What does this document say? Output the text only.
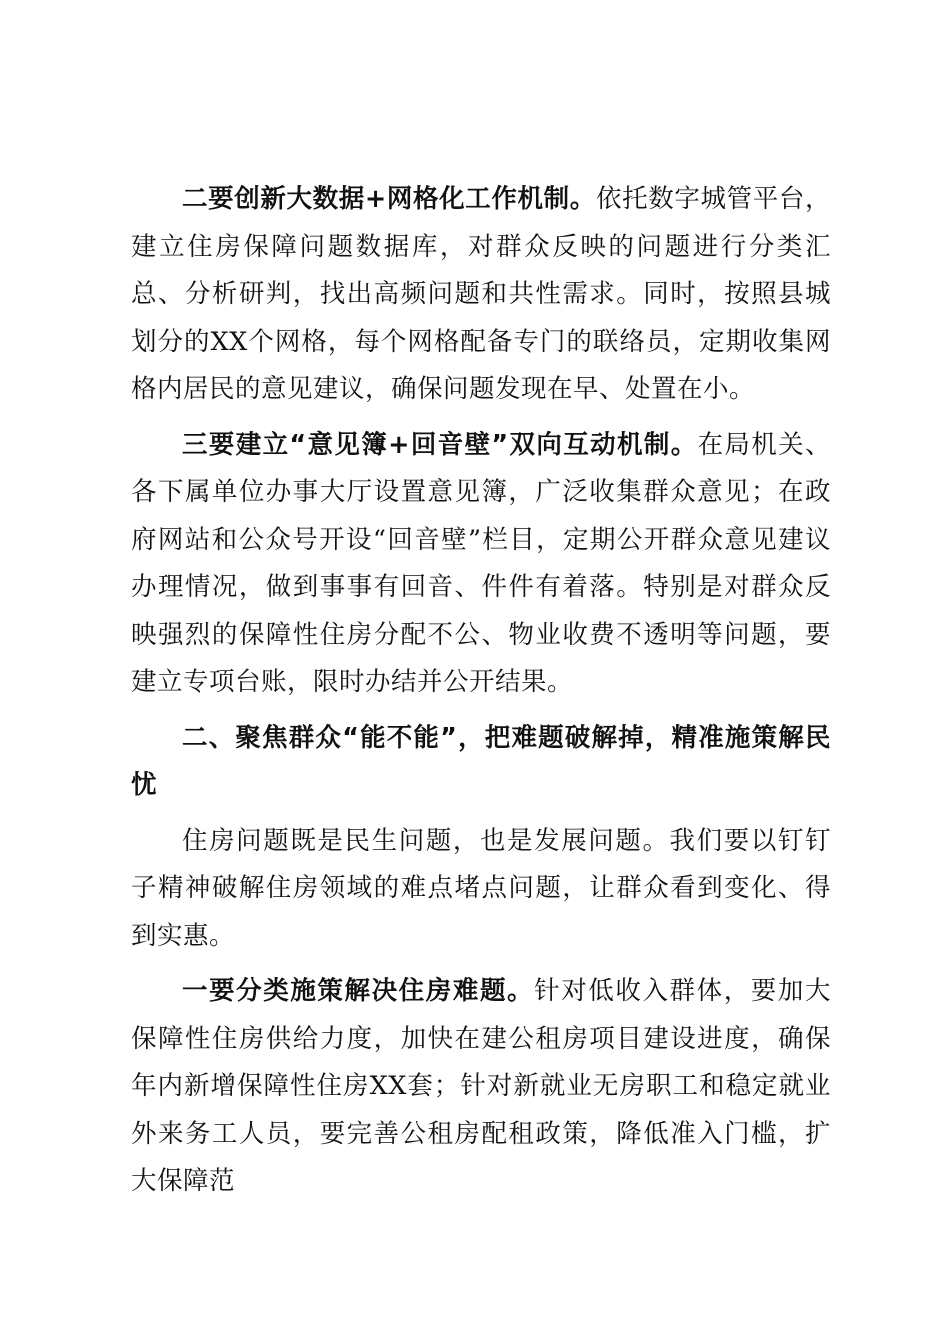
二要创新大数据+网格化工作机制。依托数字城管平台，建立住房保障问题数据库，对群众反映的问题进行分类汇总、分析研判，找出高频问题和共性需求。同时，按照县城划分的XX个网格，每个网格配备专门的联络员，定期收集网格内居民的意见建议，确保问题发现在早、处置在小。

三要建立“意见簿+回音壁”双向互动机制。在局机关、各下属单位办事大厅设置意见簿，广泛收集群众意见；在政府网站和公众号开设“回音壁”栏目，定期公开群众意见建议办理情况，做到事事有回音、件件有着落。特别是对群众反映强烈的保障性住房分配不公、物业收费不透明等问题，要建立专项台账，限时办结并公开结果。

二、聚焦群众“能不能”，把难题破解掉，精准施策解民忧

住房问题既是民生问题，也是发展问题。我们要以钉钉子精神破解住房领域的难点堵点问题，让群众看到变化、得到实惠。

一要分类施策解决住房难题。针对低收入群体，要加大保障性住房供给力度，加快在建公租房项目建设进度，确保年内新增保障性住房XX套；针对新就业无房职工和稳定就业外来务工人员，要完善公租房配租政策，降低准入门槛，扩大保障范
